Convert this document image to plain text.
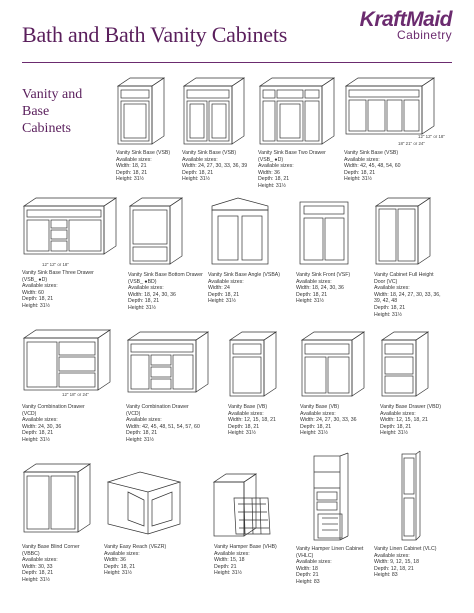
Bath and Bath Vanity Cabinets
KraftMaid
Cabinetry
Vanity and
Base
Cabinets
Vanity Sink Base (VSB)
Available sizes:
Width: 18, 21
Depth: 18, 21
Height: 31½
Vanity Sink Base (VSB)
Available sizes:
Width: 24, 27, 30, 33, 36, 39
Depth: 18, 21
Height: 31½
Vanity Sink Base Two Drawer
(VSB_ ●D)
Available sizes:
Width: 36
Depth: 18, 21
Height: 31½
12" 12" or 18"
18" 21" or 24"
Vanity Sink Base (VSB)
Available sizes:
Width: 42, 45, 48, 54, 60
Depth: 18, 21
Height: 31½
12" 12" or 18"
Vanity Sink Base Three Drawer
(VSB_ ●D)
Available sizes:
Width: 60
Depth: 18, 21
Height: 31½
Vanity Sink Base Bottom Drawer
(VSB_ ●BD)
Available sizes:
Width: 18, 24, 30, 36
Depth: 18, 21
Height: 31½
Vanity Sink Base Angle (VSBA)
Available sizes:
Width: 24
Depth: 18, 21
Height: 31½
Vanity Sink Front (VSF)
Available sizes:
Width: 18, 24, 30, 36
Depth: 18, 21
Height: 31½
Vanity Cabinet Full Height
Door (VC)
Available sizes:
Width: 18, 24, 27, 30, 33, 36,
39, 42, 48
Depth: 18, 21
Height: 31½
12" 18" or 24"
Vanity Combination Drawer
(VCD)
Available sizes:
Width: 24, 30, 36
Depth: 18, 21
Height: 31½
Vanity Combination Drawer
(VCD)
Available sizes:
Width: 42, 45, 48, 51, 54, 57, 60
Depth: 18, 21
Height: 31½
Vanity Base (VB)
Available sizes:
Width: 12, 15, 18, 21
Depth: 18, 21
Height: 31½
Vanity Base (VB)
Available sizes:
Width: 24, 27, 30, 33, 36
Depth: 18, 21
Height: 31½
Vanity Base Drawer (VBD)
Available sizes:
Width: 12, 15, 18, 21
Depth: 18, 21
Height: 31½
Vanity Base Blind Corner
(VBBC)
Available sizes:
Width: 30, 33
Depth: 18, 21
Height: 31½
Vanity Easy Reach (VEZR)
Available sizes:
Width: 36
Depth: 18, 21
Height: 31½
Vanity Hamper Base (VHB)
Available sizes:
Width: 15, 18
Depth: 21
Height: 31½
Vanity Hamper Linen Cabinet
(VHLC)
Available sizes:
Width: 18
Depth: 21
Height: 83
Vanity Linen Cabinet (VLC)
Available sizes:
Width: 9, 12, 15, 18
Depth: 12, 18, 21
Height: 83
